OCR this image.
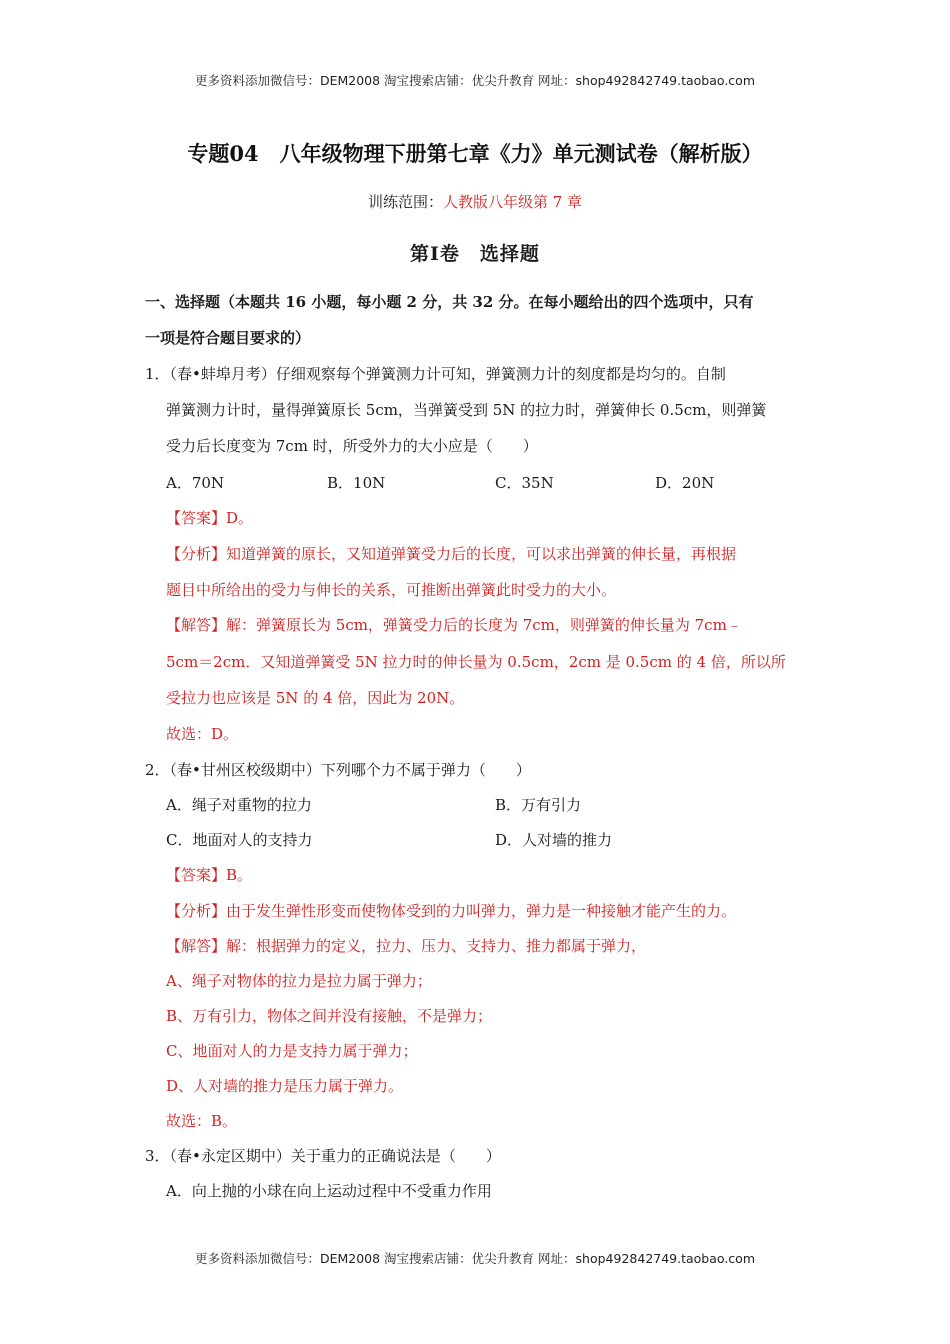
更多资料添加微信号：DEM2008 淘宝搜索店铺：优尖升教育 网址：shop492842749.taobao.com
专题04　八年级物理下册第七章《力》单元测试卷（解析版）
训练范围：人教版八年级第 7 章
第Ⅰ卷　选择题
一、选择题（本题共 16 小题，每小题 2 分，共 32 分。在每小题给出的四个选项中，只有
一项是符合题目要求的）
1．（春•蚌埠月考）仔细观察每个弹簧测力计可知，弹簧测力计的刻度都是均匀的。自制
弹簧测力计时，量得弹簧原长 5cm，当弹簧受到 5N 的拉力时，弹簧伸长 0.5cm，则弹簧
受力后长度变为 7cm 时，所受外力的大小应是（　　）
A．70N	B．10N	C．35N	D．20N
【答案】D。
【分析】知道弹簧的原长，又知道弹簧受力后的长度，可以求出弹簧的伸长量，再根据
题目中所给出的受力与伸长的关系，可推断出弹簧此时受力的大小。
【解答】解：弹簧原长为 5cm，弹簧受力后的长度为 7cm，则弹簧的伸长量为 7cm﹣
5cm＝2cm．又知道弹簧受 5N 拉力时的伸长量为 0.5cm，2cm 是 0.5cm 的 4 倍，所以所
受拉力也应该是 5N 的 4 倍，因此为 20N。
故选：D。
2．（春•甘州区校级期中）下列哪个力不属于弹力（　　）
A．绳子对重物的拉力	B．万有引力
C．地面对人的支持力	D．人对墙的推力
【答案】B。
【分析】由于发生弹性形变而使物体受到的力叫弹力，弹力是一种接触才能产生的力。
【解答】解：根据弹力的定义，拉力、压力、支持力、推力都属于弹力，
A、绳子对物体的拉力是拉力属于弹力；
B、万有引力，物体之间并没有接触，不是弹力；
C、地面对人的力是支持力属于弹力；
D、人对墙的推力是压力属于弹力。
故选：B。
3．（春•永定区期中）关于重力的正确说法是（　　）
A．向上抛的小球在向上运动过程中不受重力作用
更多资料添加微信号：DEM2008 淘宝搜索店铺：优尖升教育 网址：shop492842749.taobao.com
